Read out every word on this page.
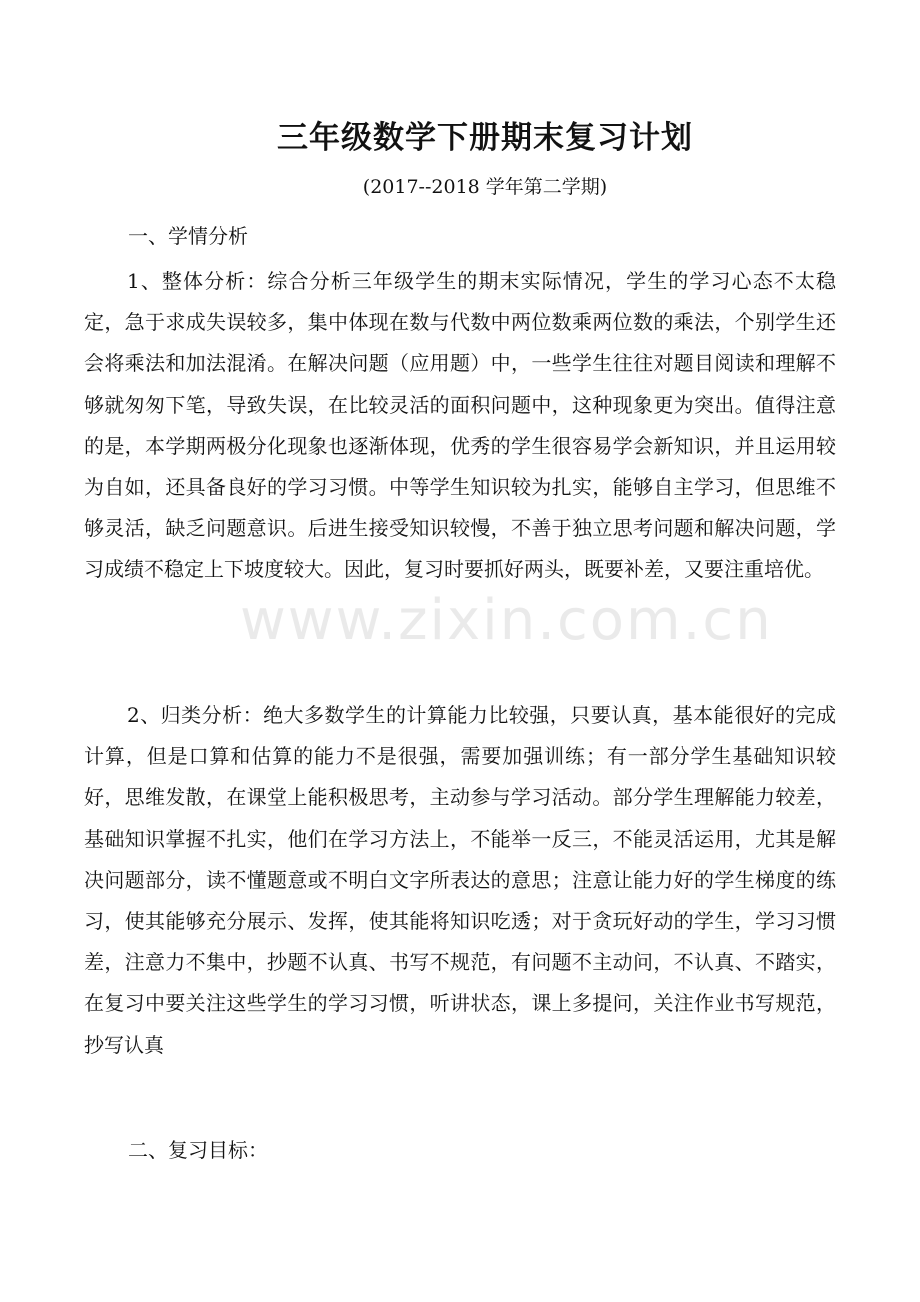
三年级数学下册期末复习计划
(2017--2018 学年第二学期)
一、学情分析

1、整体分析：综合分析三年级学生的期末实际情况，学生的学习心态不太稳定，急于求成失误较多，集中体现在数与代数中两位数乘两位数的乘法，个别学生还会将乘法和加法混淆。在解决问题（应用题）中，一些学生往往对题目阅读和理解不够就匆匆下笔，导致失误，在比较灵活的面积问题中，这种现象更为突出。值得注意的是，本学期两极分化现象也逐渐体现，优秀的学生很容易学会新知识，并且运用较为自如，还具备良好的学习习惯。中等学生知识较为扎实，能够自主学习，但思维不够灵活，缺乏问题意识。后进生接受知识较慢，不善于独立思考问题和解决问题，学习成绩不稳定上下坡度较大。因此，复习时要抓好两头，既要补差，又要注重培优。

2、归类分析：绝大多数学生的计算能力比较强，只要认真，基本能很好的完成计算，但是口算和估算的能力不是很强，需要加强训练；有一部分学生基础知识较好，思维发散，在课堂上能积极思考，主动参与学习活动。部分学生理解能力较差，基础知识掌握不扎实，他们在学习方法上，不能举一反三，不能灵活运用，尤其是解决问题部分，读不懂题意或不明白文字所表达的意思；注意让能力好的学生梯度的练习，使其能够充分展示、发挥，使其能将知识吃透；对于贪玩好动的学生，学习习惯差，注意力不集中，抄题不认真、书写不规范，有问题不主动问，不认真、不踏实，在复习中要关注这些学生的学习习惯，听讲状态，课上多提问，关注作业书写规范，抄写认真

二、复习目标：
www.zixin.com.cn
